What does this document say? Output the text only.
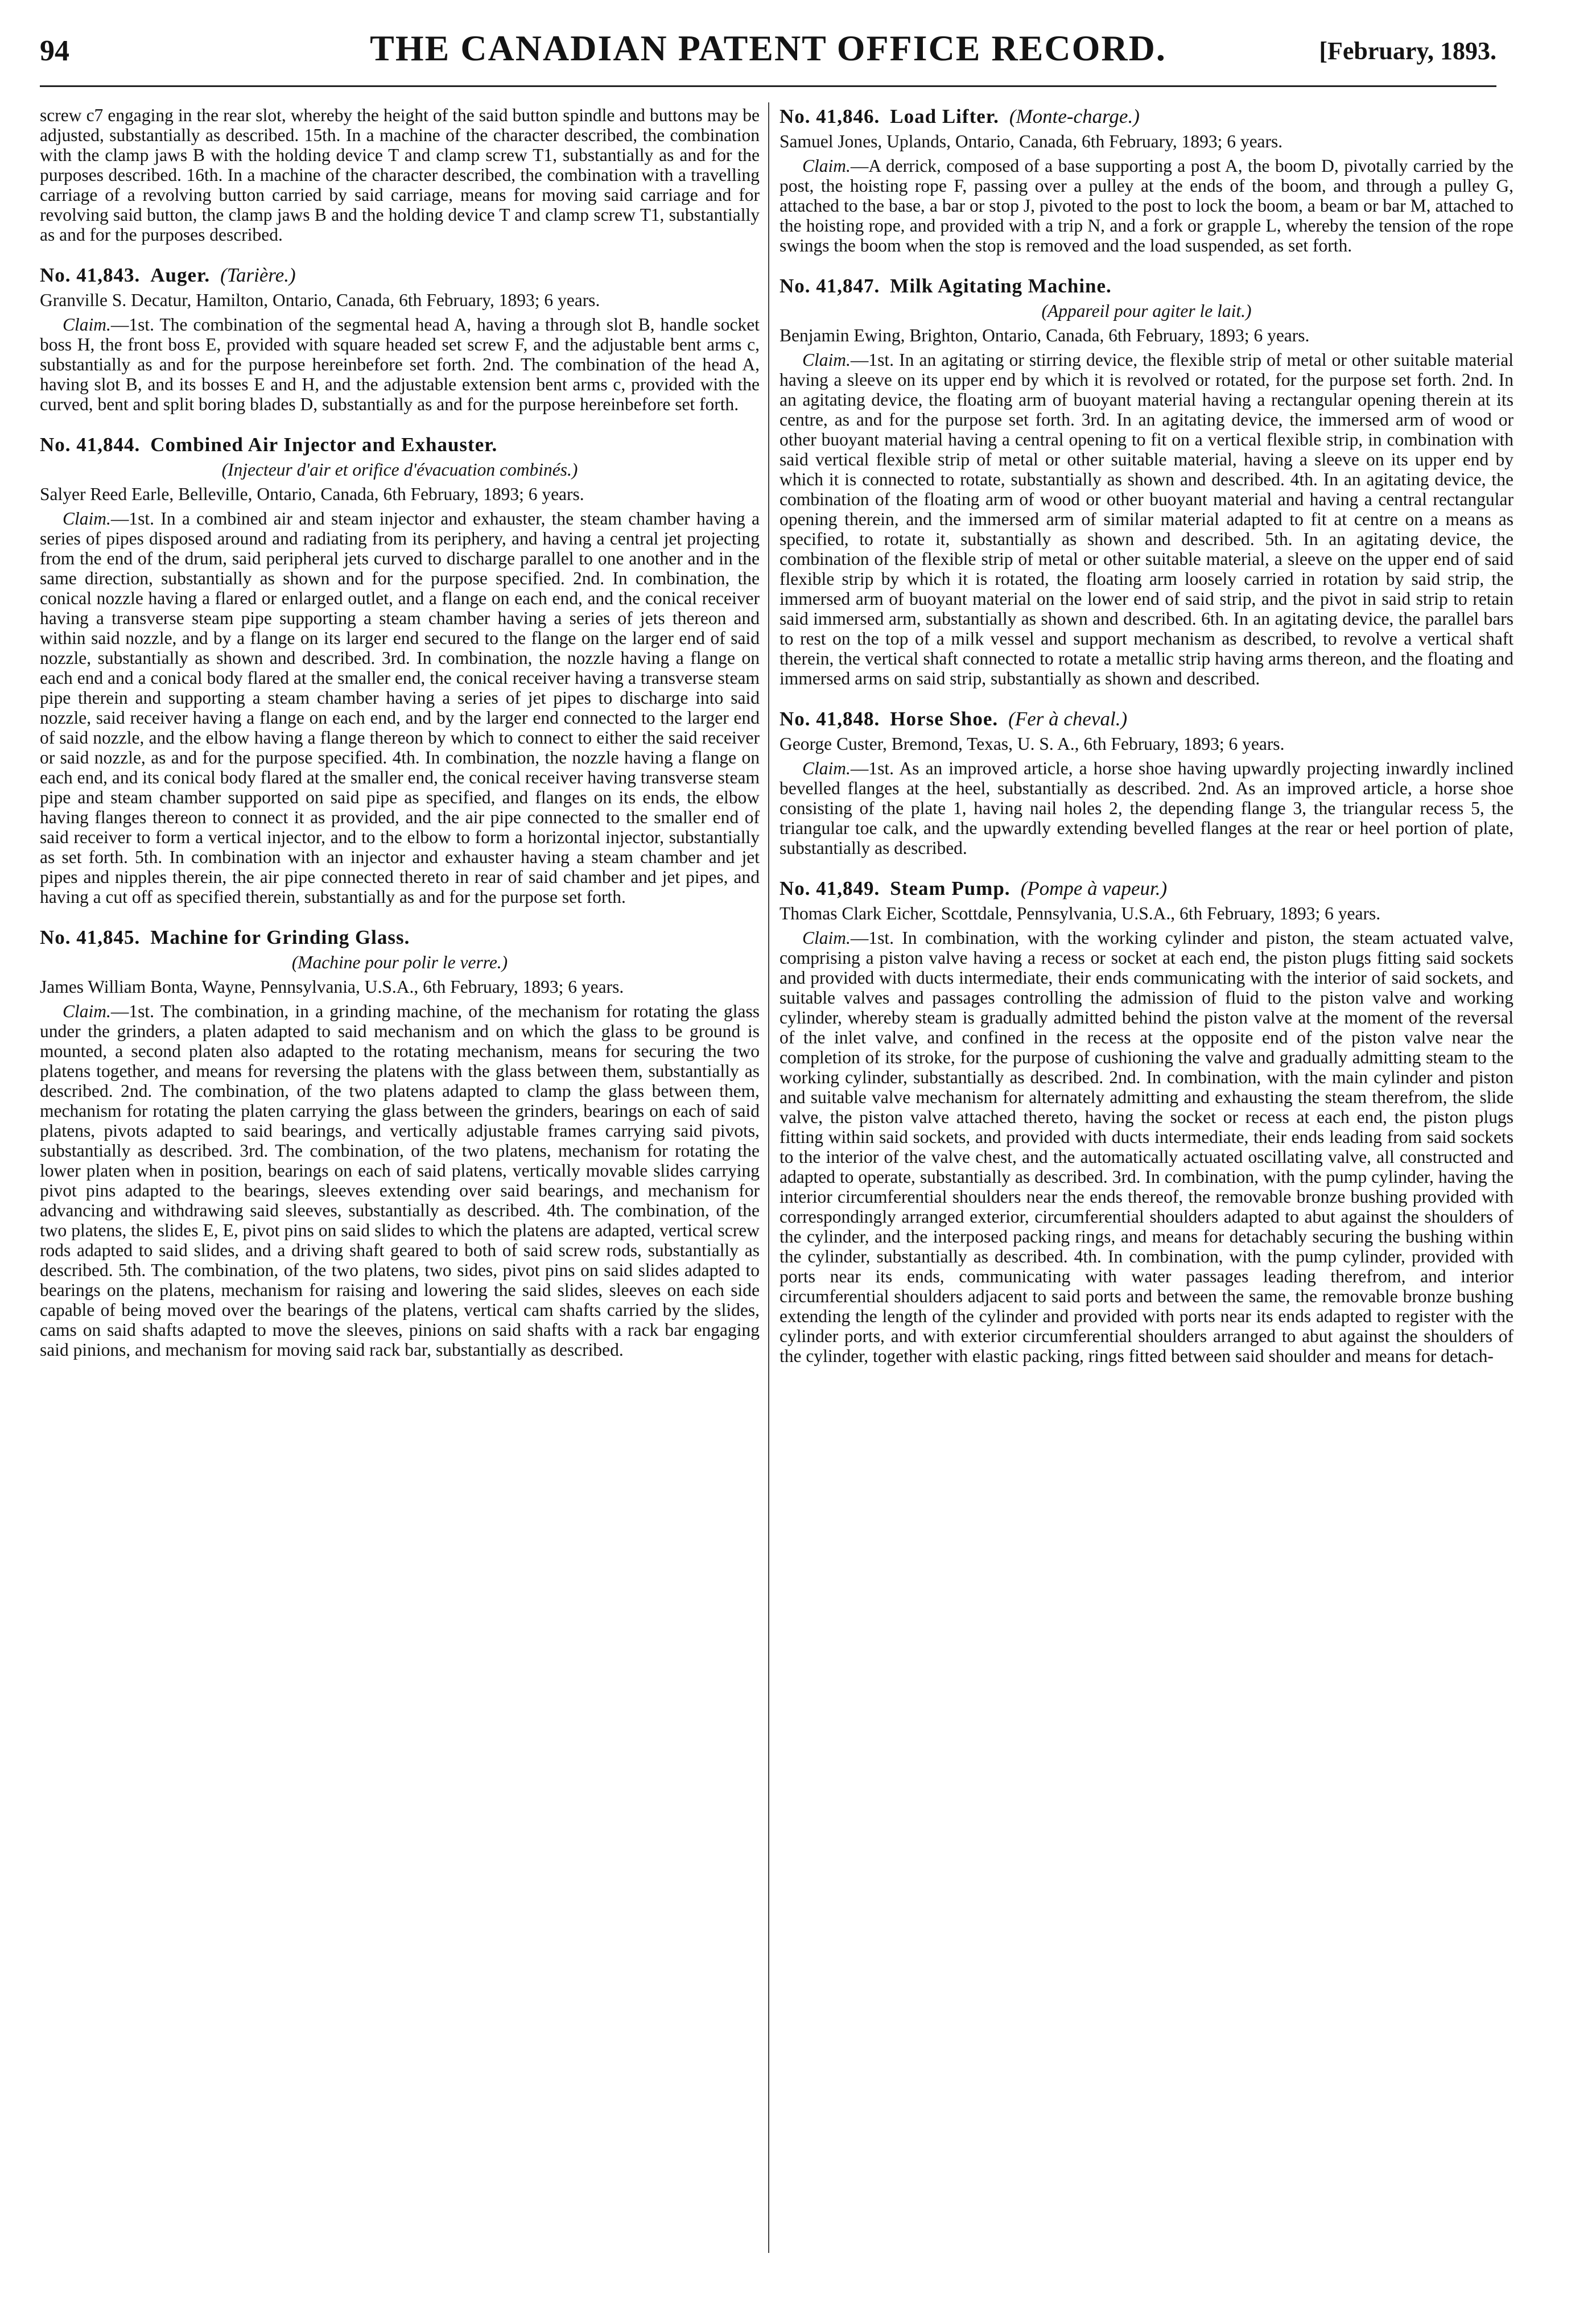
94	THE CANADIAN PATENT OFFICE RECORD.	[February, 1893.

screw c7 engaging in the rear slot, whereby the height of the said button spindle and buttons may be adjusted, substantially as described. 15th. In a machine of the character described, the combination with the clamp jaws B with the holding device T and clamp screw T1, substantially as and for the purposes described. 16th. In a machine of the character described, the combination with a travelling carriage of a revolving button carried by said carriage, means for moving said carriage and for revolving said button, the clamp jaws B and the holding device T and clamp screw T1, substantially as and for the purposes described.

No. 41,843. Auger. (Tarière.)

Granville S. Decatur, Hamilton, Ontario, Canada, 6th February, 1893; 6 years.

Claim.—1st. The combination of the segmental head A, having a through slot B, handle socket boss H, the front boss E, provided with square headed set screw F, and the adjustable bent arms c, substantially as and for the purpose hereinbefore set forth. 2nd. The combination of the head A, having slot B, and its bosses E and H, and the adjustable extension bent arms c, provided with the curved, bent and split boring blades D, substantially as and for the purpose hereinbefore set forth.

No. 41,844. Combined Air Injector and Exhauster.

(Injecteur d'air et orifice d'évacuation combinés.)

Salyer Reed Earle, Belleville, Ontario, Canada, 6th February, 1893; 6 years.

Claim.—1st. In a combined air and steam injector and exhauster, the steam chamber having a series of pipes disposed around and radiating from its periphery, and having a central jet projecting from the end of the drum, said peripheral jets curved to discharge parallel to one another and in the same direction, substantially as shown and for the purpose specified. 2nd. In combination, the conical nozzle having a flared or enlarged outlet, and a flange on each end, and the conical receiver having a transverse steam pipe supporting a steam chamber having a series of jets thereon and within said nozzle, and by a flange on its larger end secured to the flange on the larger end of said nozzle, substantially as shown and described. 3rd. In combination, the nozzle having a flange on each end and a conical body flared at the smaller end, the conical receiver having a transverse steam pipe therein and supporting a steam chamber having a series of jet pipes to discharge into said nozzle, said receiver having a flange on each end, and by the larger end connected to the larger end of said nozzle, and the elbow having a flange thereon by which to connect to either the said receiver or said nozzle, as and for the purpose specified. 4th. In combination, the nozzle having a flange on each end, and its conical body flared at the smaller end, the conical receiver having transverse steam pipe and steam chamber supported on said pipe as specified, and flanges on its ends, the elbow having flanges thereon to connect it as provided, and the air pipe connected to the smaller end of said receiver to form a vertical injector, and to the elbow to form a horizontal injector, substantially as set forth. 5th. In combination with an injector and exhauster having a steam chamber and jet pipes and nipples therein, the air pipe connected thereto in rear of said chamber and jet pipes, and having a cut off as specified therein, substantially as and for the purpose set forth.

No. 41,845. Machine for Grinding Glass.

(Machine pour polir le verre.)

James William Bonta, Wayne, Pennsylvania, U.S.A., 6th February, 1893; 6 years.

Claim.—1st. The combination, in a grinding machine, of the mechanism for rotating the glass under the grinders, a platen adapted to said mechanism and on which the glass to be ground is mounted, a second platen also adapted to the rotating mechanism, means for securing the two platens together, and means for reversing the platens with the glass between them, substantially as described. 2nd. The combination, of the two platens adapted to clamp the glass between them, mechanism for rotating the platen carrying the glass between the grinders, bearings on each of said platens, pivots adapted to said bearings, and vertically adjustable frames carrying said pivots, substantially as described. 3rd. The combination, of the two platens, mechanism for rotating the lower platen when in position, bearings on each of said platens, vertically movable slides carrying pivot pins adapted to the bearings, sleeves extending over said bearings, and mechanism for advancing and withdrawing said sleeves, substantially as described. 4th. The combination, of the two platens, the slides E, E, pivot pins on said slides to which the platens are adapted, vertical screw rods adapted to said slides, and a driving shaft geared to both of said screw rods, substantially as described. 5th. The combination, of the two platens, two sides, pivot pins on said slides adapted to bearings on the platens, mechanism for raising and lowering the said slides, sleeves on each side capable of being moved over the bearings of the platens, vertical cam shafts carried by the slides, cams on said shafts adapted to move the sleeves, pinions on said shafts with a rack bar engaging said pinions, and mechanism for moving said rack bar, substantially as described.

No. 41,846. Load Lifter. (Monte-charge.)

Samuel Jones, Uplands, Ontario, Canada, 6th February, 1893; 6 years.

Claim.—A derrick, composed of a base supporting a post A, the boom D, pivotally carried by the post, the hoisting rope F, passing over a pulley at the ends of the boom, and through a pulley G, attached to the base, a bar or stop J, pivoted to the post to lock the boom, a beam or bar M, attached to the hoisting rope, and provided with a trip N, and a fork or grapple L, whereby the tension of the rope swings the boom when the stop is removed and the load suspended, as set forth.

No. 41,847. Milk Agitating Machine.

(Appareil pour agiter le lait.)

Benjamin Ewing, Brighton, Ontario, Canada, 6th February, 1893; 6 years.

Claim.—1st. In an agitating or stirring device, the flexible strip of metal or other suitable material having a sleeve on its upper end by which it is revolved or rotated, for the purpose set forth. 2nd. In an agitating device, the floating arm of buoyant material having a rectangular opening therein at its centre, as and for the purpose set forth. 3rd. In an agitating device, the immersed arm of wood or other buoyant material having a central opening to fit on a vertical flexible strip, in combination with said vertical flexible strip of metal or other suitable material, having a sleeve on its upper end by which it is connected to rotate, substantially as shown and described. 4th. In an agitating device, the combination of the floating arm of wood or other buoyant material and having a central rectangular opening therein, and the immersed arm of similar material adapted to fit at centre on a means as specified, to rotate it, substantially as shown and described. 5th. In an agitating device, the combination of the flexible strip of metal or other suitable material, a sleeve on the upper end of said flexible strip by which it is rotated, the floating arm loosely carried in rotation by said strip, the immersed arm of buoyant material on the lower end of said strip, and the pivot in said strip to retain said immersed arm, substantially as shown and described. 6th. In an agitating device, the parallel bars to rest on the top of a milk vessel and support mechanism as described, to revolve a vertical shaft therein, the vertical shaft connected to rotate a metallic strip having arms thereon, and the floating and immersed arms on said strip, substantially as shown and described.

No. 41,848. Horse Shoe. (Fer à cheval.)

George Custer, Bremond, Texas, U. S. A., 6th February, 1893; 6 years.

Claim.—1st. As an improved article, a horse shoe having upwardly projecting inwardly inclined bevelled flanges at the heel, substantially as described. 2nd. As an improved article, a horse shoe consisting of the plate 1, having nail holes 2, the depending flange 3, the triangular recess 5, the triangular toe calk, and the upwardly extending bevelled flanges at the rear or heel portion of plate, substantially as described.

No. 41,849. Steam Pump. (Pompe à vapeur.)

Thomas Clark Eicher, Scottdale, Pennsylvania, U.S.A., 6th February, 1893; 6 years.

Claim.—1st. In combination, with the working cylinder and piston, the steam actuated valve, comprising a piston valve having a recess or socket at each end, the piston plugs fitting said sockets and provided with ducts intermediate, their ends communicating with the interior of said sockets, and suitable valves and passages controlling the admission of fluid to the piston valve and working cylinder, whereby steam is gradually admitted behind the piston valve at the moment of the reversal of the inlet valve, and confined in the recess at the opposite end of the piston valve near the completion of its stroke, for the purpose of cushioning the valve and gradually admitting steam to the working cylinder, substantially as described. 2nd. In combination, with the main cylinder and piston and suitable valve mechanism for alternately admitting and exhausting the steam therefrom, the slide valve, the piston valve attached thereto, having the socket or recess at each end, the piston plugs fitting within said sockets, and provided with ducts intermediate, their ends leading from said sockets to the interior of the valve chest, and the automatically actuated oscillating valve, all constructed and adapted to operate, substantially as described. 3rd. In combination, with the pump cylinder, having the interior circumferential shoulders near the ends thereof, the removable bronze bushing provided with correspondingly arranged exterior, circumferential shoulders adapted to abut against the shoulders of the cylinder, and the interposed packing rings, and means for detachably securing the bushing within the cylinder, substantially as described. 4th. In combination, with the pump cylinder, provided with ports near its ends, communicating with water passages leading therefrom, and interior circumferential shoulders adjacent to said ports and between the same, the removable bronze bushing extending the length of the cylinder and provided with ports near its ends adapted to register with the cylinder ports, and with exterior circumferential shoulders arranged to abut against the shoulders of the cylinder, together with elastic packing, rings fitted between said shoulder and means for detach-
